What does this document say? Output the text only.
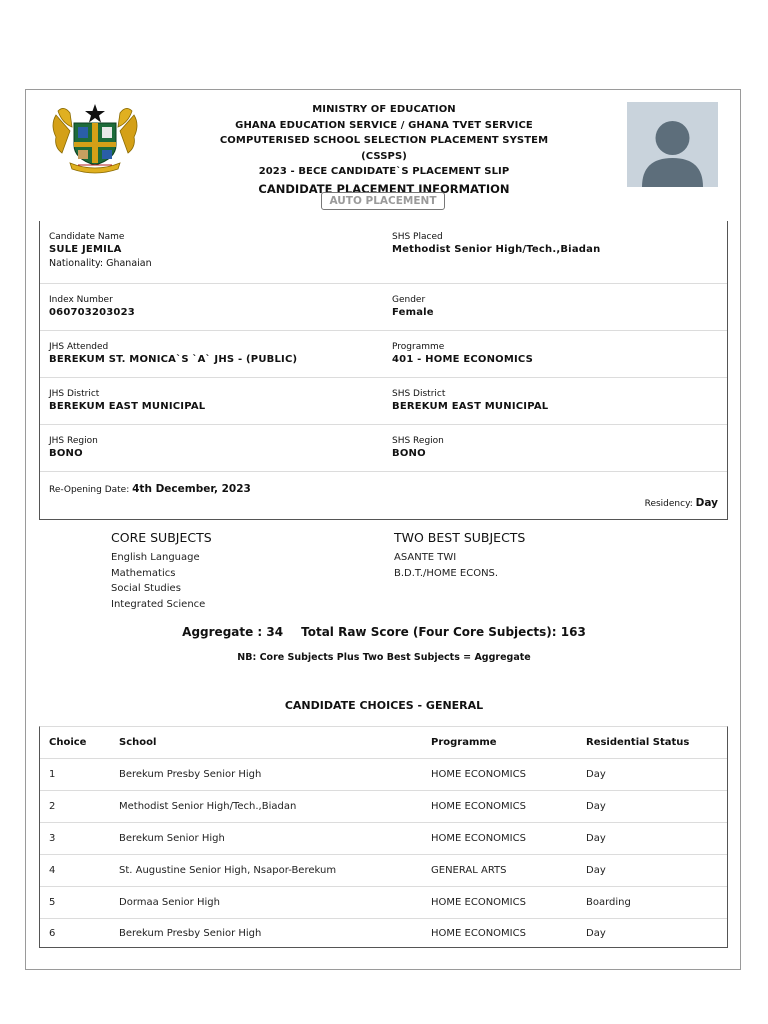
MINISTRY OF EDUCATION
GHANA EDUCATION SERVICE / GHANA TVET SERVICE
COMPUTERISED SCHOOL SELECTION PLACEMENT SYSTEM (CSSPS)
2023 - BECE CANDIDATE`S PLACEMENT SLIP
CANDIDATE PLACEMENT INFORMATION
AUTO PLACEMENT
Candidate Name
SULE JEMILA
Nationality: Ghanaian
SHS Placed
Methodist Senior High/Tech.,Biadan
Index Number
060703203023
Gender
Female
JHS Attended
BEREKUM ST. MONICA`S `A` JHS - (PUBLIC)
Programme
401 - HOME ECONOMICS
JHS District
BEREKUM EAST MUNICIPAL
SHS District
BEREKUM EAST MUNICIPAL
JHS Region
BONO
SHS Region
BONO
Re-Opening Date: 4th December, 2023
Residency: Day
CORE SUBJECTS
English Language
Mathematics
Social Studies
Integrated Science
TWO BEST SUBJECTS
ASANTE TWI
B.D.T./HOME ECONS.
Aggregate : 34 Total Raw Score (Four Core Subjects): 163
NB: Core Subjects Plus Two Best Subjects = Aggregate
CANDIDATE CHOICES - GENERAL
Choice	School	Programme	Residential Status
1	Berekum Presby Senior High	HOME ECONOMICS	Day
2	Methodist Senior High/Tech.,Biadan	HOME ECONOMICS	Day
3	Berekum Senior High	HOME ECONOMICS	Day
4	St. Augustine Senior High, Nsapor-Berekum	GENERAL ARTS	Day
5	Dormaa Senior High	HOME ECONOMICS	Boarding
6	Berekum Presby Senior High	HOME ECONOMICS	Day
